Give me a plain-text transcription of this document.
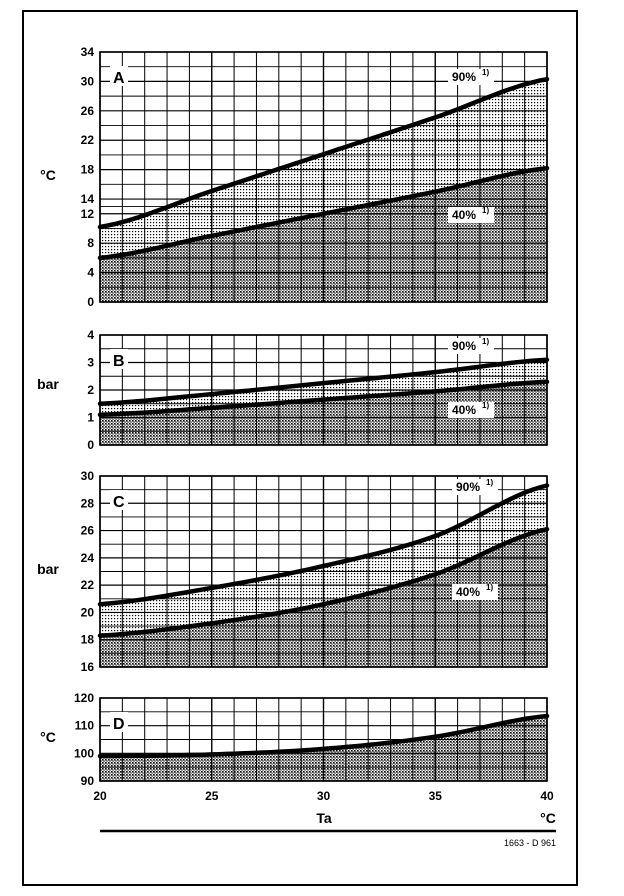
90% 1)
40% 1)
0
4
8
12
14
18
22
26
30
34
A
°C
90% 1)
40% 1)
0
1
2
3
4
B
bar
90% 1)
40% 1)
16
18
20
22
24
26
28
30
C
bar
90
100
110
120
D
°C
20	25	30	35	40
Ta	°C
1663 - D 961
